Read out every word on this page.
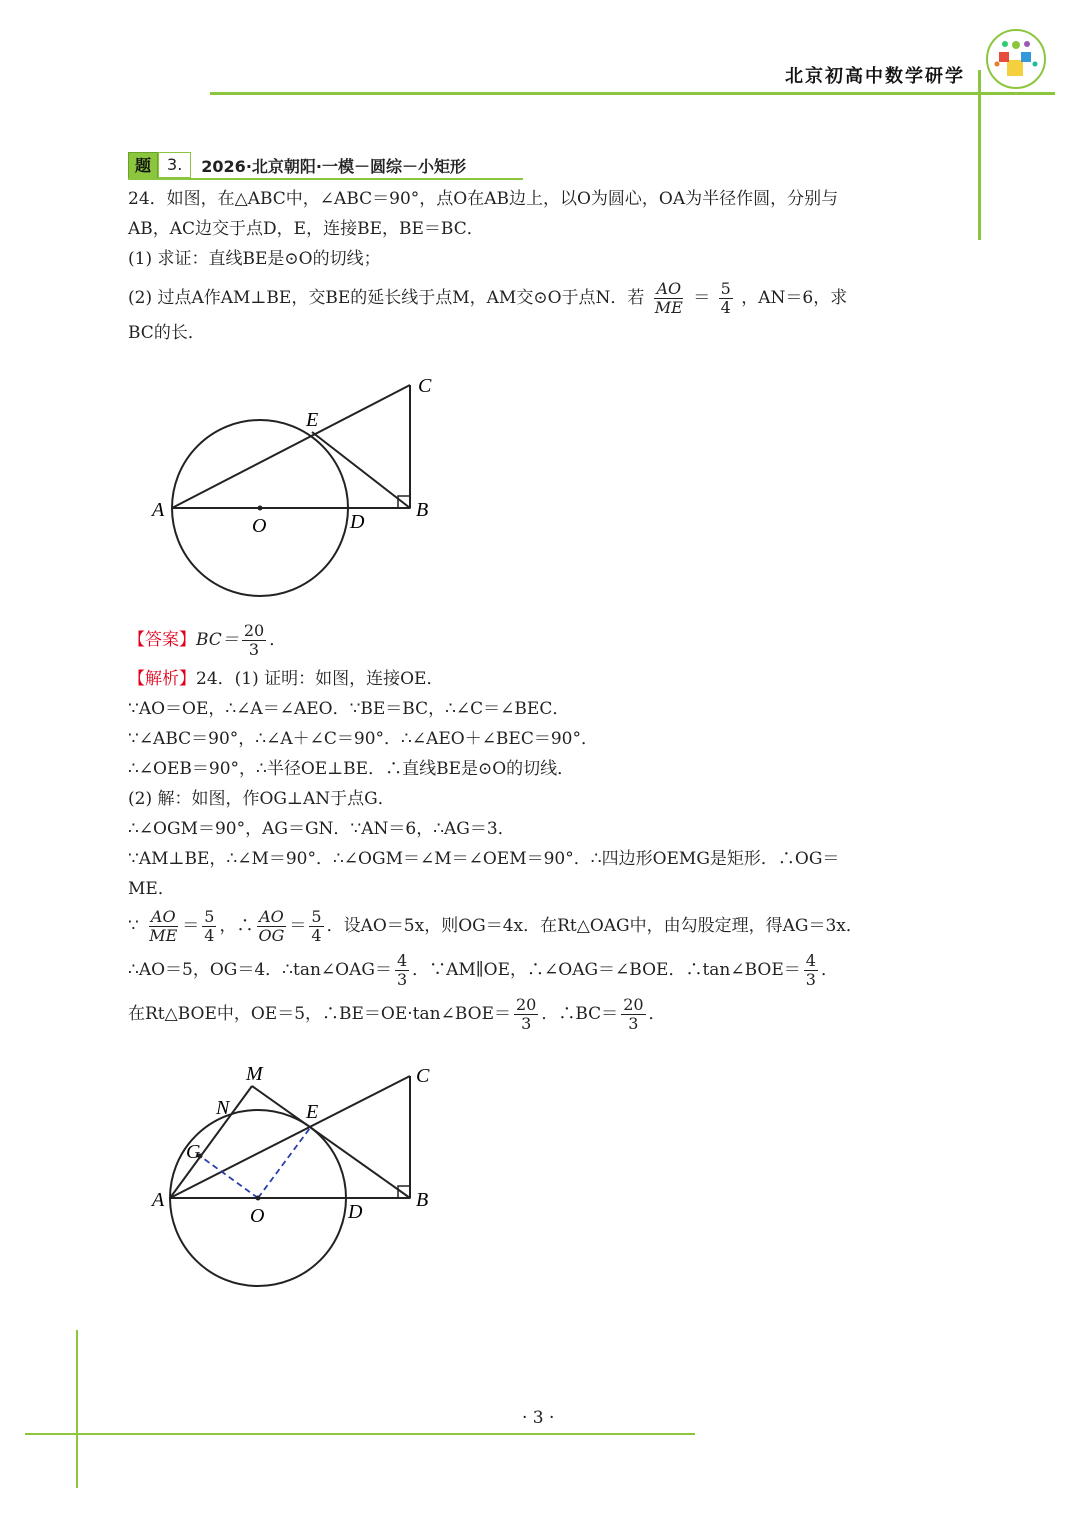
北京初高中数学研学
题	3.	2026·北京朝阳·一模－圆综－小矩形
24．如图，在△ABC中，∠ABC＝90°，点O在AB边上，以O为圆心，OA为半径作圆，分别与
AB，AC边交于点D，E，连接BE，BE＝BC．
(1) 求证：直线BE是⊙O的切线；
(2) 过点A作AM⊥BE，交BE的延长线于点M，AM交⊙O于点N．若 $\frac{AO}{ME} = \frac{5}{4}$ ，AN＝6，求
BC的长．
A	B
C
D
E
O
【答案】$BC= \frac{20}{3}$ ．
【解析】24．(1) 证明：如图，连接OE．
∵AO＝OE，∴∠A＝∠AEO．∵BE＝BC，∴∠C＝∠BEC．
∵∠ABC＝90°，∴∠A＋∠C＝90°．∴∠AEO＋∠BEC＝90°．
∴∠OEB＝90°，∴半径OE⊥BE．∴直线BE是⊙O的切线．
(2) 解：如图，作OG⊥AN于点G．
∴∠OGM＝90°，AG＝GN．∵AN＝6，∴AG＝3．
∵AM⊥BE，∴∠M＝90°．∴∠OGM＝∠M＝∠OEM＝90°．∴四边形OEMG是矩形．∴OG＝
ME．
∵ $\frac{AO}{ME} = \frac{5}{4}$ ，∴ $\frac{AO}{OG} = \frac{5}{4}$ ．设AO＝5x，则OG＝4x．在Rt△OAG中，由勾股定理，得AG＝3x．
∴AO＝5，OG＝4．∴tan∠OAG＝ $\frac{4}{3}$ ．∵AM∥OE，∴∠OAG＝∠BOE．∴tan∠BOE＝ $\frac{4}{3}$ ．
在Rt△BOE中，OE＝5，∴BE＝OE·tan∠BOE＝ $\frac{20}{3}$ ．∴BC＝ $\frac{20}{3}$ ．
A	B
C
D
E
O
M
N
G
· 3 ·
